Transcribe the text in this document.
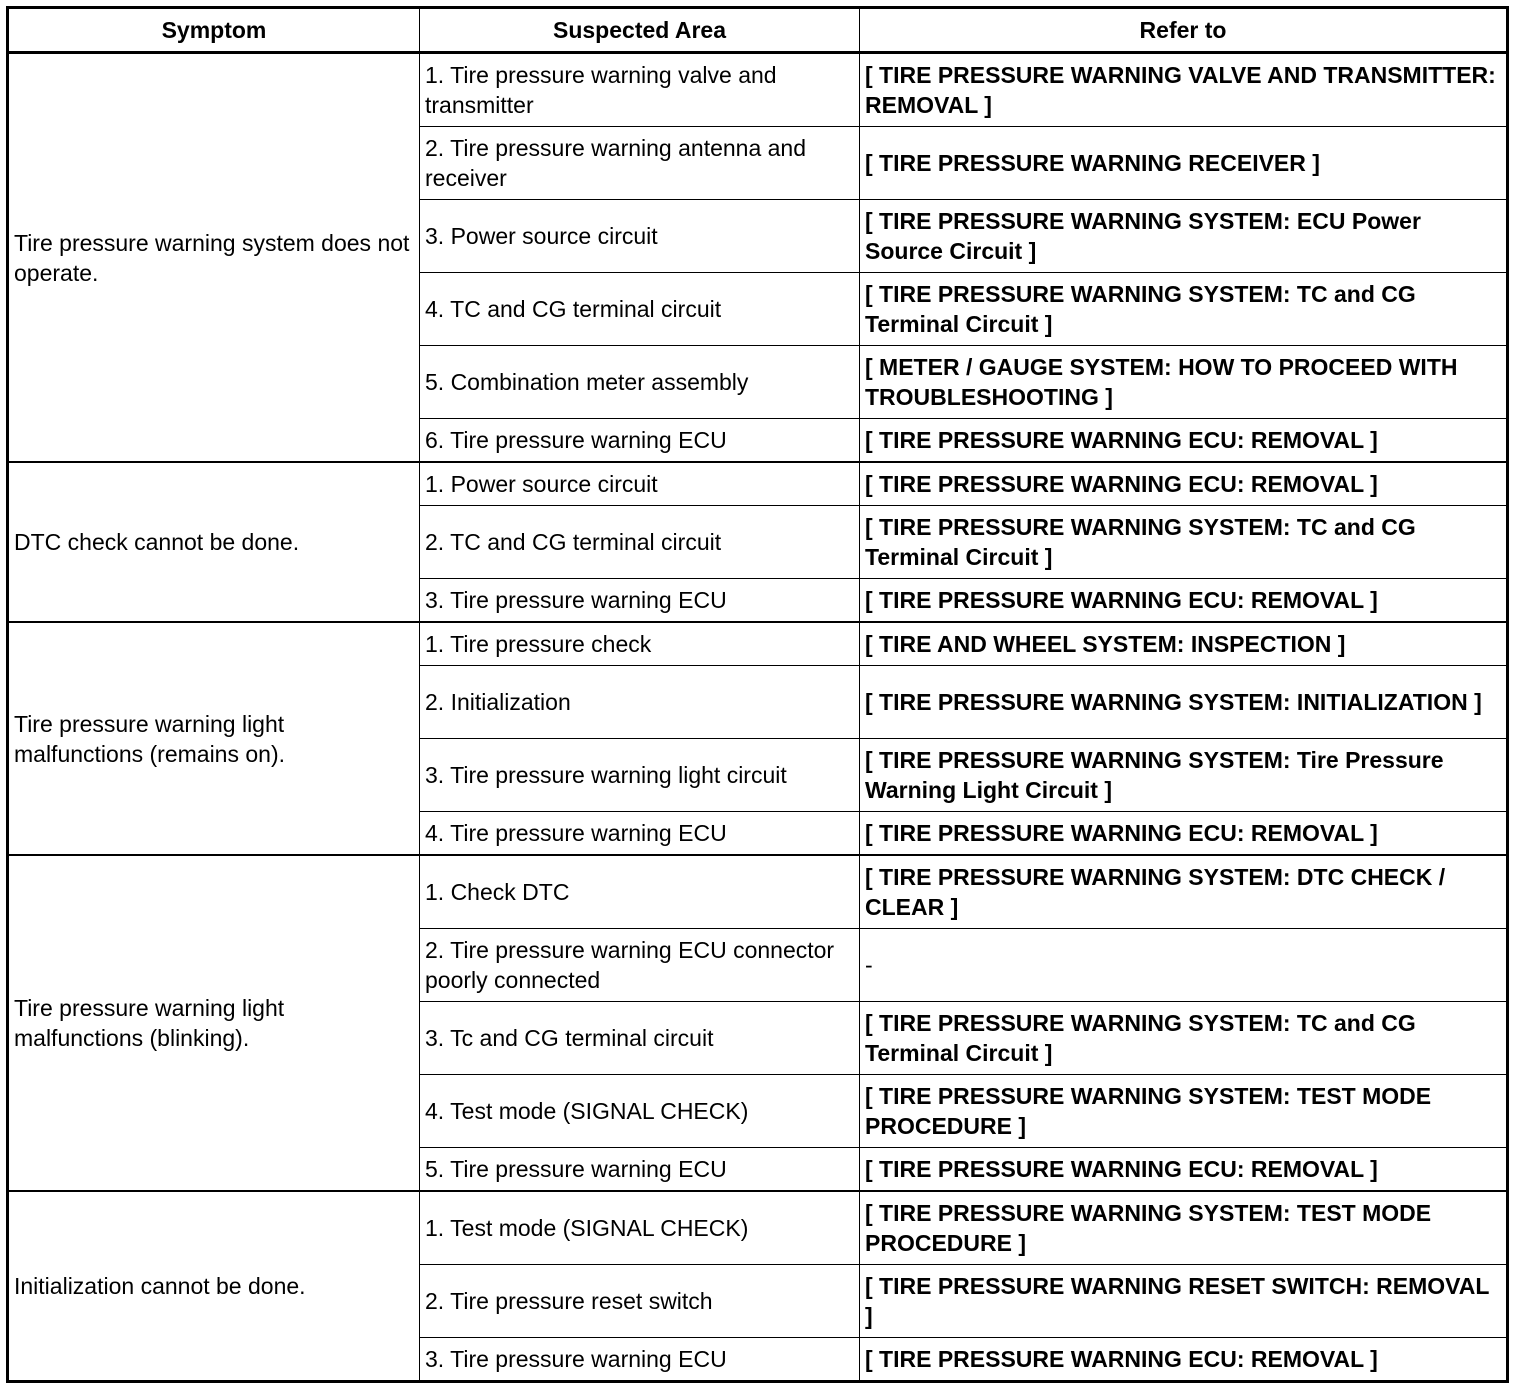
Symptom	Suspected Area	Refer to
Tire pressure warning system does not operate.	1. Tire pressure warning valve and transmitter	[ TIRE PRESSURE WARNING VALVE AND TRANSMITTER: REMOVAL ]
	2. Tire pressure warning antenna and receiver	[ TIRE PRESSURE WARNING RECEIVER ]
	3. Power source circuit	[ TIRE PRESSURE WARNING SYSTEM: ECU Power Source Circuit ]
	4. TC and CG terminal circuit	[ TIRE PRESSURE WARNING SYSTEM: TC and CG Terminal Circuit ]
	5. Combination meter assembly	[ METER / GAUGE SYSTEM: HOW TO PROCEED WITH TROUBLESHOOTING ]
	6. Tire pressure warning ECU	[ TIRE PRESSURE WARNING ECU: REMOVAL ]
DTC check cannot be done.	1. Power source circuit	[ TIRE PRESSURE WARNING ECU: REMOVAL ]
	2. TC and CG terminal circuit	[ TIRE PRESSURE WARNING SYSTEM: TC and CG Terminal Circuit ]
	3. Tire pressure warning ECU	[ TIRE PRESSURE WARNING ECU: REMOVAL ]
Tire pressure warning light malfunctions (remains on).	1. Tire pressure check	[ TIRE AND WHEEL SYSTEM: INSPECTION ]
	2. Initialization	[ TIRE PRESSURE WARNING SYSTEM: INITIALIZATION ]
	3. Tire pressure warning light circuit	[ TIRE PRESSURE WARNING SYSTEM: Tire Pressure Warning Light Circuit ]
	4. Tire pressure warning ECU	[ TIRE PRESSURE WARNING ECU: REMOVAL ]
Tire pressure warning light malfunctions (blinking).	1. Check DTC	[ TIRE PRESSURE WARNING SYSTEM: DTC CHECK / CLEAR ]
	2. Tire pressure warning ECU connector poorly connected	-
	3. Tc and CG terminal circuit	[ TIRE PRESSURE WARNING SYSTEM: TC and CG Terminal Circuit ]
	4. Test mode (SIGNAL CHECK)	[ TIRE PRESSURE WARNING SYSTEM: TEST MODE PROCEDURE ]
	5. Tire pressure warning ECU	[ TIRE PRESSURE WARNING ECU: REMOVAL ]
Initialization cannot be done.	1. Test mode (SIGNAL CHECK)	[ TIRE PRESSURE WARNING SYSTEM: TEST MODE PROCEDURE ]
	2. Tire pressure reset switch	[ TIRE PRESSURE WARNING RESET SWITCH: REMOVAL ]
	3. Tire pressure warning ECU	[ TIRE PRESSURE WARNING ECU: REMOVAL ]
